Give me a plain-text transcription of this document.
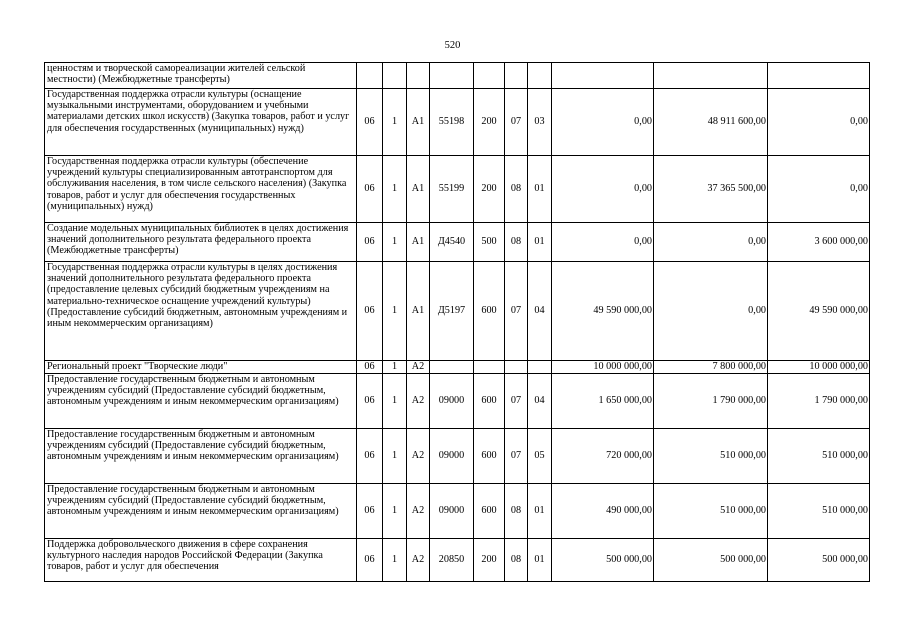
520
ценностям и творческой самореализации жителей сельской местности) (Межбюджетные трансферты)										
Государственная поддержка отрасли культуры (оснащение музыкальными инструментами, оборудованием и учебными материалами детских школ искусств) (Закупка товаров, работ и услуг для обеспечения государственных (муниципальных) нужд)	06	1	А1	55198	200	07	03	0,00	48 911 600,00	0,00
Государственная поддержка отрасли культуры (обеспечение учреждений культуры специализированным автотранспортом для обслуживания населения, в том числе сельского населения) (Закупка товаров, работ и услуг для обеспечения государственных (муниципальных) нужд)	06	1	А1	55199	200	08	01	0,00	37 365 500,00	0,00
Создание модельных муниципальных библиотек в целях достижения значений дополнительного результата федерального проекта (Межбюджетные трансферты)	06	1	А1	Д4540	500	08	01	0,00	0,00	3 600 000,00
Государственная поддержка отрасли культуры в целях достижения значений дополнительного результата федерального проекта (предоставление целевых субсидий бюджетным учреждениям на материально-техническое оснащение учреждений культуры) (Предоставление субсидий бюджетным, автономным учреждениям и иным некоммерческим организациям)	06	1	А1	Д5197	600	07	04	49 590 000,00	0,00	49 590 000,00
Региональный проект "Творческие люди"	06	1	А2					10 000 000,00	7 800 000,00	10 000 000,00
Предоставление государственным бюджетным и автономным учреждениям субсидий (Предоставление субсидий бюджетным, автономным учреждениям и иным некоммерческим организациям)	06	1	А2	09000	600	07	04	1 650 000,00	1 790 000,00	1 790 000,00
Предоставление государственным бюджетным и автономным учреждениям субсидий (Предоставление субсидий бюджетным, автономным учреждениям и иным некоммерческим организациям)	06	1	А2	09000	600	07	05	720 000,00	510 000,00	510 000,00
Предоставление государственным бюджетным и автономным учреждениям субсидий (Предоставление субсидий бюджетным, автономным учреждениям и иным некоммерческим организациям)	06	1	А2	09000	600	08	01	490 000,00	510 000,00	510 000,00
Поддержка добровольческого движения в сфере сохранения культурного наследия народов Российской Федерации (Закупка товаров, работ и услуг для обеспечения	06	1	А2	20850	200	08	01	500 000,00	500 000,00	500 000,00
